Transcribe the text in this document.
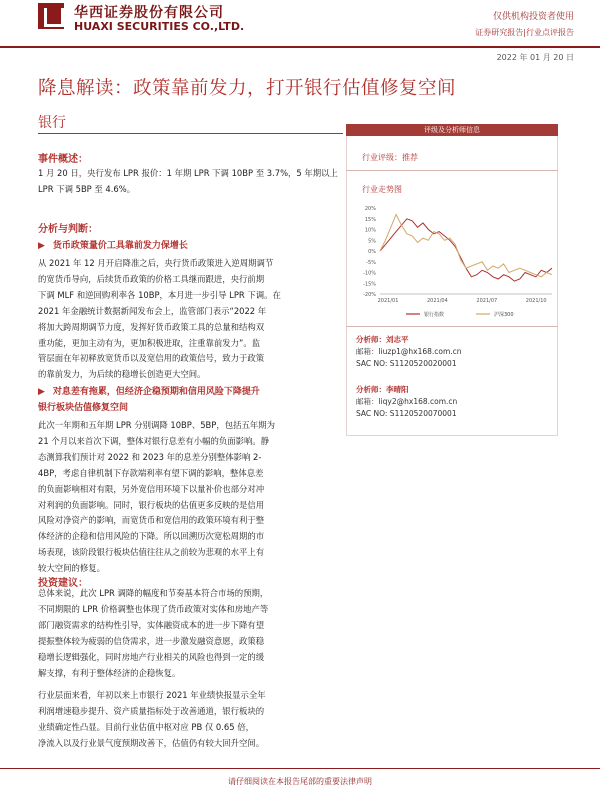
华西证券股份有限公司
HUAXI SECURITIES CO.,LTD.
仅供机构投资者使用
证券研究报告|行业点评报告
2022 年 01 月 20 日
降息解读：政策靠前发力，打开银行估值修复空间
银行
事件概述：
1 月 20 日，央行发布 LPR 报价：1 年期 LPR 下调 10BP 至 3.7%，5 年期以上 LPR 下调 5BP 至 4.6%。
分析与判断：
▶ 货币政策量价工具靠前发力保增长
从 2021 年 12 月开启降准之后，央行货币政策进入逆周期调节
的宽货币导向，后续货币政策的价格工具继而跟进，央行前期
下调 MLF 和逆回购利率各 10BP，本月进一步引导 LPR 下调。在
2021 年金融统计数据新闻发布会上，监管部门表示“2022 年
将加大跨周期调节力度，发挥好货币政策工具的总量和结构双
重功能，更加主动有为，更加积极进取，注重靠前发力”。监
管层面在年初释放宽货币以及宽信用的政策信号，致力于政策
的靠前发力，为后续的稳增长创造更大空间。
▶ 对息差有拖累，但经济企稳预期和信用风险下降提升
银行板块估值修复空间
此次一年期和五年期 LPR 分别调降 10BP、5BP，包括五年期为
21 个月以来首次下调，整体对银行息差有小幅的负面影响。静
态测算我们预计对 2022 和 2023 年的息差分别整体影响 2-
4BP，考虑自律机制下存款端利率有望下调的影响，整体息差
的负面影响相对有限，另外宽信用环境下以量补价也部分对冲
对利润的负面影响。同时，银行板块的估值更多反映的是信用
风险对净资产的影响，而宽货币和宽信用的政策环境有利于整
体经济的企稳和信用风险的下降。所以回溯历次宽松周期的市
场表现，该阶段银行板块估值往往从之前较为悲观的水平上有
较大空间的修复。
投资建议：
总体来说，此次 LPR 调降的幅度和节奏基本符合市场的预期，
不同期限的 LPR 价格调整也体现了货币政策对实体和房地产等
部门融资需求的结构性引导，实体融资成本的进一步下降有望
提振整体较为疲弱的信贷需求，进一步激发融资意愿，政策稳
稳增长逻辑强化，同时房地产行业相关的风险也得到一定的缓
解支撑，有利于整体经济的企稳恢复。
行业层面来看，年初以来上市银行 2021 年业绩快报显示全年
利润增速稳步提升、资产质量指标处于改善通道，银行板块的
业绩确定性凸显。目前行业估值中枢对应 PB 仅 0.65 倍，
净流入以及行业景气度预期改善下，估值仍有较大回升空间。
评级及分析师信息
行业评级：推荐
行业走势图
20%
15%
10%
5%
0%
-5%
-10%
-15%
-20%
2021/01	2021/04	2021/07	2021/10
银行指数	沪深300
分析师：刘志平
邮箱：liuzp1@hx168.com.cn
SAC NO: S1120520020001
分析师：李晴阳
邮箱：liqy2@hx168.com.cn
SAC NO: S1120520070001
请仔细阅读在本报告尾部的重要法律声明
